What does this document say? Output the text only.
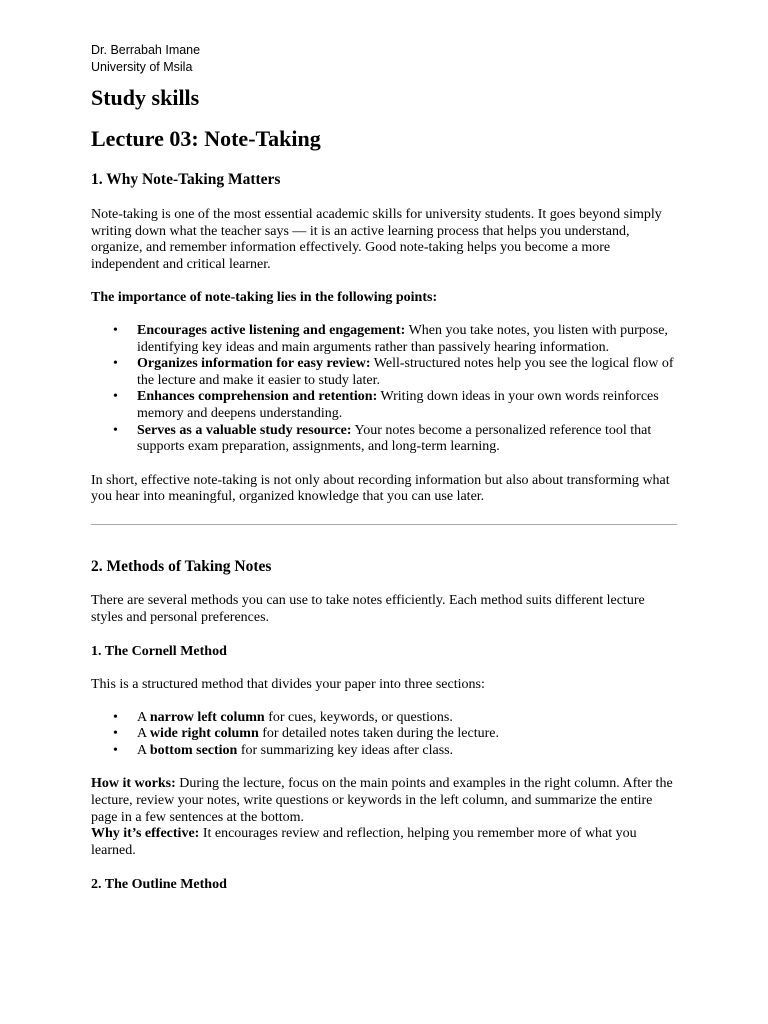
Dr. Berrabah Imane
University of Msila
Study skills
Lecture 03: Note-Taking
1. Why Note-Taking Matters

Note-taking is one of the most essential academic skills for university students. It goes beyond simply writing down what the teacher says — it is an active learning process that helps you understand, organize, and remember information effectively. Good note-taking helps you become a more independent and critical learner.

The importance of note-taking lies in the following points:

• Encourages active listening and engagement: When you take notes, you listen with purpose, identifying key ideas and main arguments rather than passively hearing information.
• Organizes information for easy review: Well-structured notes help you see the logical flow of the lecture and make it easier to study later.
• Enhances comprehension and retention: Writing down ideas in your own words reinforces memory and deepens understanding.
• Serves as a valuable study resource: Your notes become a personalized reference tool that supports exam preparation, assignments, and long-term learning.

In short, effective note-taking is not only about recording information but also about transforming what you hear into meaningful, organized knowledge that you can use later.

2. Methods of Taking Notes

There are several methods you can use to take notes efficiently. Each method suits different lecture styles and personal preferences.

1. The Cornell Method

This is a structured method that divides your paper into three sections:

• A narrow left column for cues, keywords, or questions.
• A wide right column for detailed notes taken during the lecture.
• A bottom section for summarizing key ideas after class.

How it works: During the lecture, focus on the main points and examples in the right column. After the lecture, review your notes, write questions or keywords in the left column, and summarize the entire page in a few sentences at the bottom.

Why it’s effective: It encourages review and reflection, helping you remember more of what you learned.

2. The Outline Method
